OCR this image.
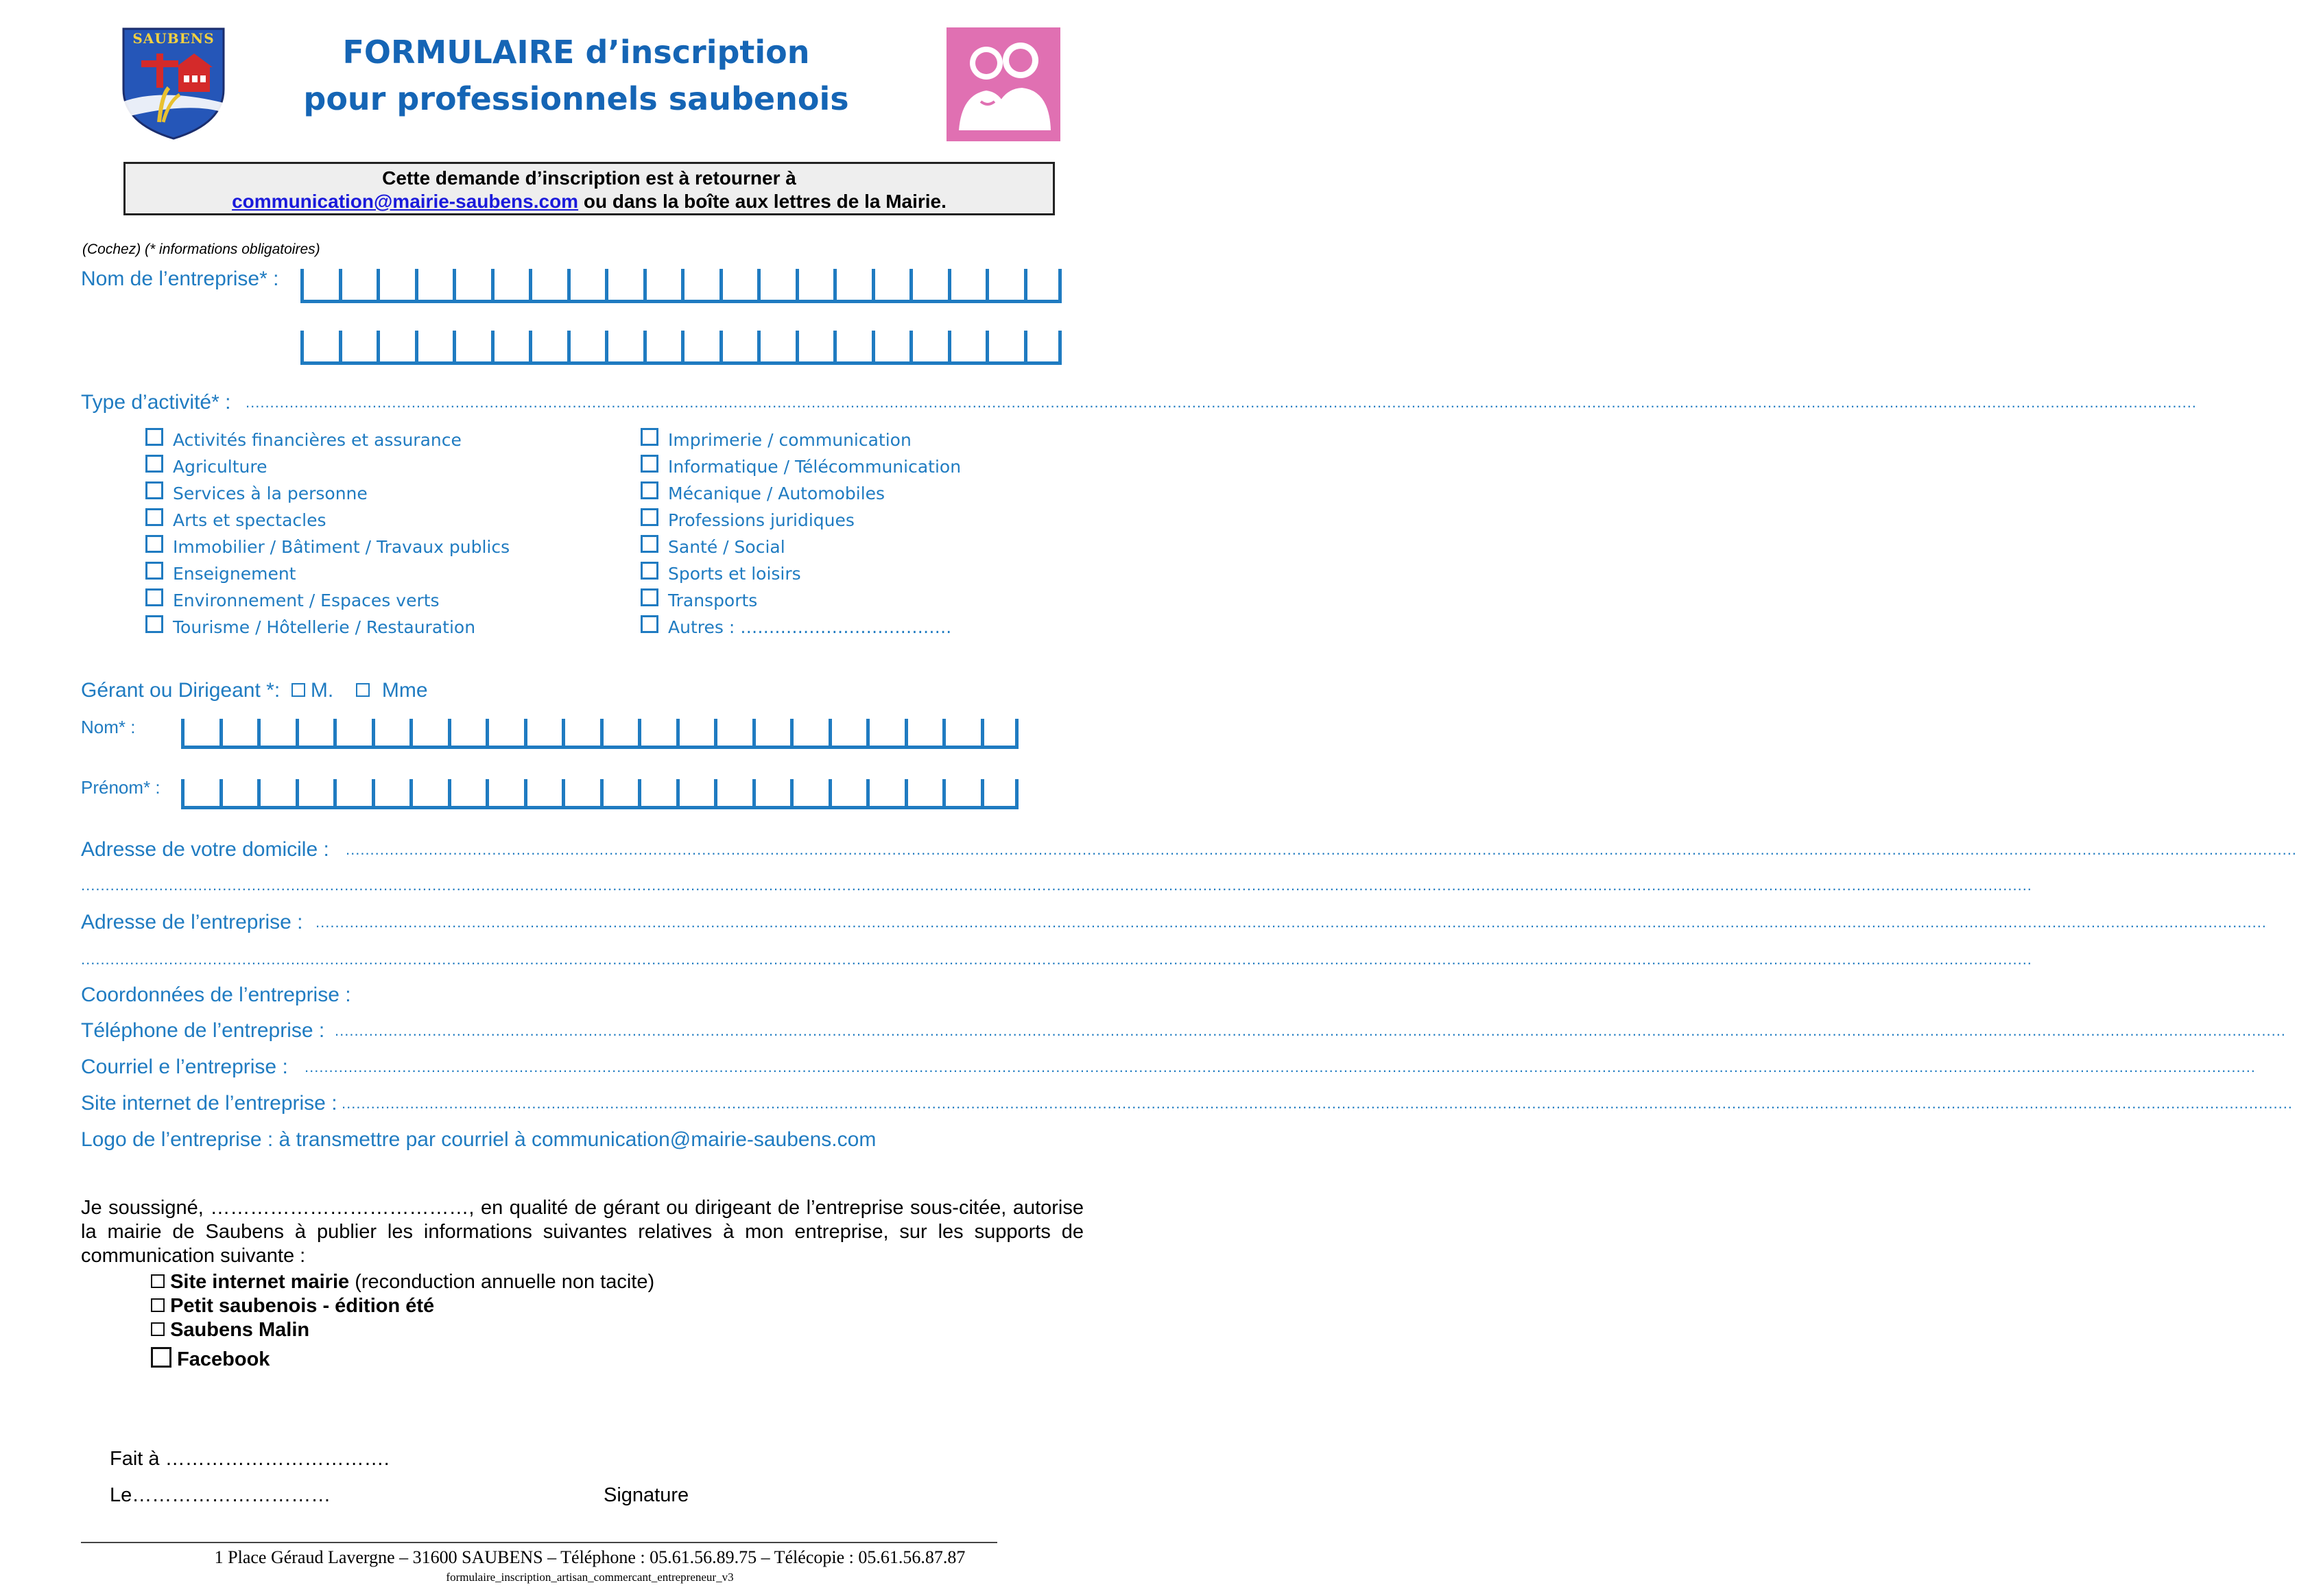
SAUBENS	FORMULAIRE d’inscription
pour professionnels saubenois
Cette demande d’inscription est à retourner à
communication@mairie-saubens.com ou dans la boîte aux lettres de la Mairie.
(Cochez) (* informations obligatoires)
Nom de l’entreprise* :
Type d’activité* : ................................................................................................................................................................................................................................................................................................................................................................................................................
Activités financières et assurance
Agriculture
Services à la personne
Arts et spectacles
Immobilier / Bâtiment / Travaux publics
Enseignement
Environnement / Espaces verts
Tourisme / Hôtellerie / Restauration
Imprimerie / communication
Informatique / Télécommunication
Mécanique / Automobiles
Professions juridiques
Santé / Social
Sports et loisirs
Transports
Autres : ……………………………….
Gérant ou Dirigeant *: M. Mme
Nom* :
Prénom* :
Adresse de votre domicile : ................................................................................................................................................................................................................................................................................................................................................................................................................
................................................................................................................................................................................................................................................................................................................................................................................................................
Adresse de l’entreprise : ................................................................................................................................................................................................................................................................................................................................................................................................................
................................................................................................................................................................................................................................................................................................................................................................................................................
Coordonnées de l’entreprise :
Téléphone de l’entreprise : ................................................................................................................................................................................................................................................................................................................................................................................................................
Courriel e l’entreprise : ................................................................................................................................................................................................................................................................................................................................................................................................................
Site internet de l’entreprise : ................................................................................................................................................................................................................................................................................................................................................................................................................
Logo de l’entreprise : à transmettre par courriel à communication@mairie-saubens.com
Je soussigné, …………………………………, en qualité de gérant ou dirigeant de l’entreprise sous-citée, autorise la mairie de Saubens à publier les informations suivantes relatives à mon entreprise, sur les supports de communication suivante :
Site internet mairie (reconduction annuelle non tacite)
Petit saubenois - édition été
Saubens Malin
Facebook
Fait à …………………………….
Le…………………………	Signature
1 Place Géraud Lavergne – 31600 SAUBENS – Téléphone : 05.61.56.89.75 – Télécopie : 05.61.56.87.87
formulaire_inscription_artisan_commercant_entrepreneur_v3
